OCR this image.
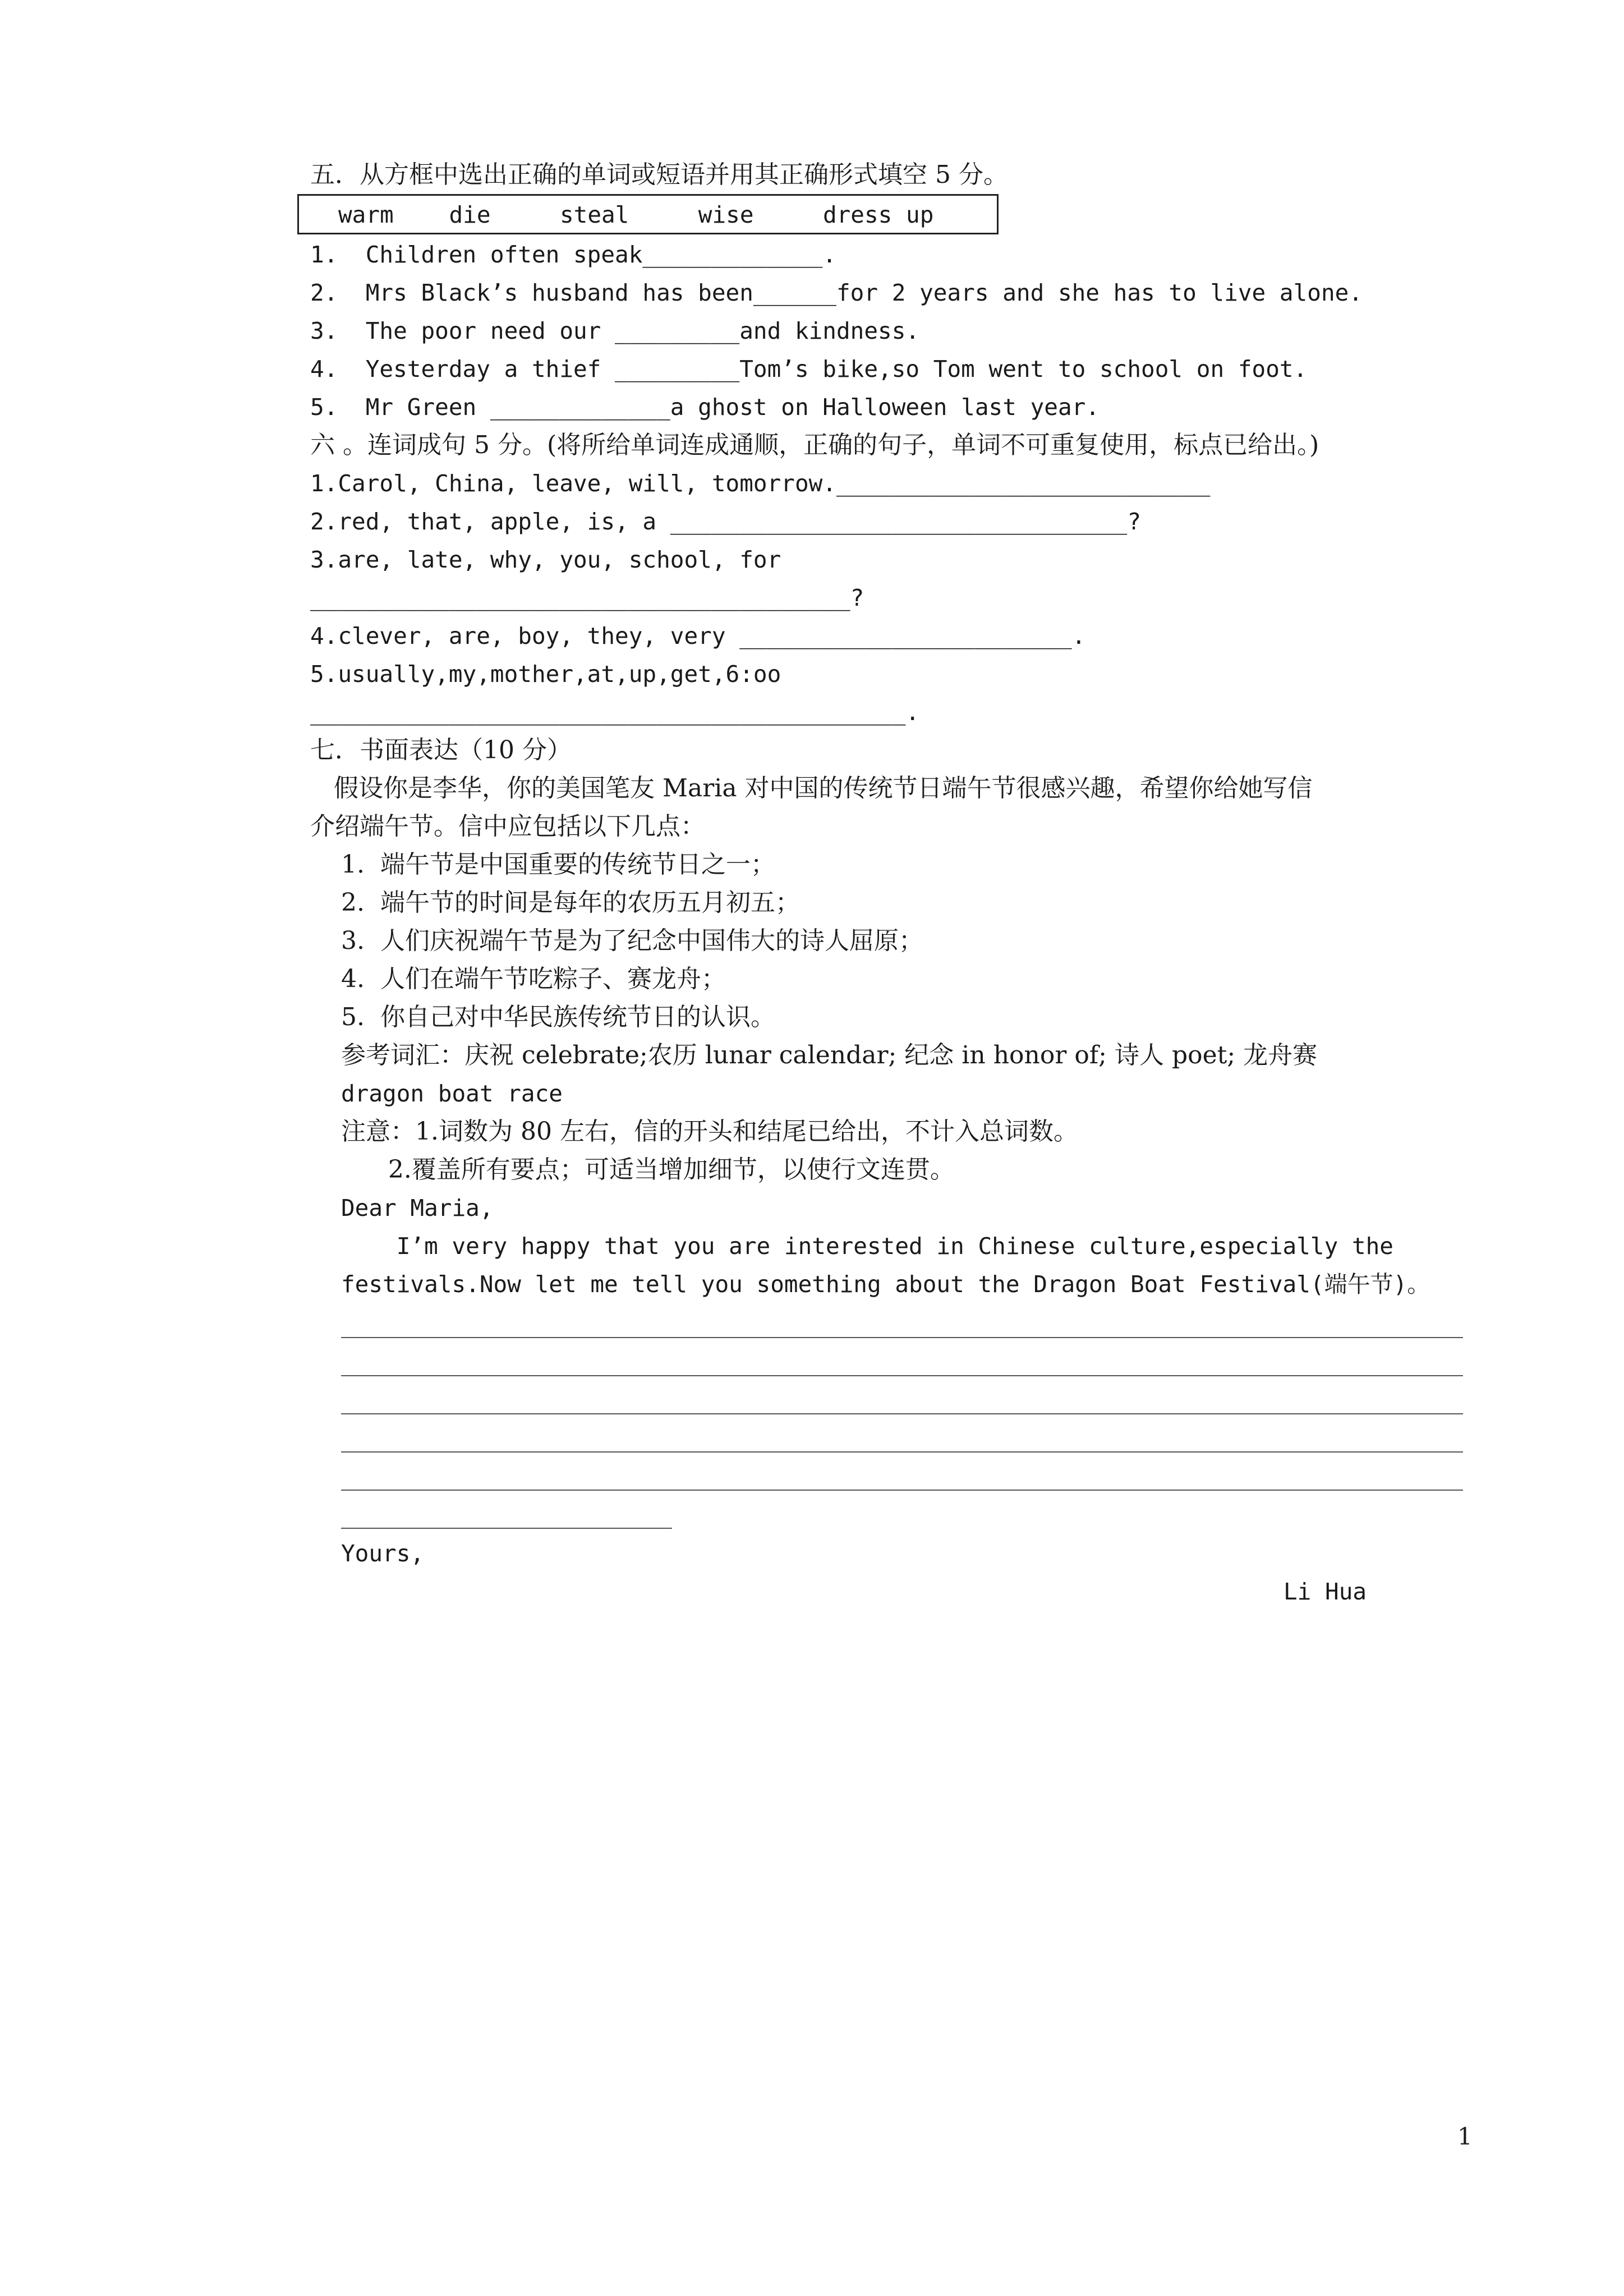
五．从方框中选出正确的单词或短语并用其正确形式填空 5 分。
warm    die     steal     wise     dress up
1.  Children often speak_____________.
2.  Mrs Black’s husband has been______for 2 years and she has to live alone.
3.  The poor need our _________and kindness.
4.  Yesterday a thief _________Tom’s bike,so Tom went to school on foot.
5.  Mr Green _____________a ghost on Halloween last year.
六 。连词成句 5 分。(将所给单词连成通顺，正确的句子，单词不可重复使用，标点已给出。)
1.Carol, China, leave, will, tomorrow.___________________________
2.red, that, apple, is, a _________________________________?
3.are, late, why, you, school, for
_______________________________________?
4.clever, are, boy, they, very ________________________.
5.usually,my,mother,at,up,get,6:oo
___________________________________________.
七．书面表达（10 分）
假设你是李华，你的美国笔友 Maria 对中国的传统节日端午节很感兴趣，希望你给她写信
介绍端午节。信中应包括以下几点：
1.  端午节是中国重要的传统节日之一；
2.  端午节的时间是每年的农历五月初五；
3.  人们庆祝端午节是为了纪念中国伟大的诗人屈原；
4.  人们在端午节吃粽子、赛龙舟；
5.  你自己对中华民族传统节日的认识。
参考词汇：庆祝 celebrate;农历 lunar calendar; 纪念 in honor of; 诗人 poet; 龙舟赛
dragon boat race
注意：1.词数为 80 左右，信的开头和结尾已给出，不计入总词数。
2.覆盖所有要点；可适当增加细节，以使行文连贯。
Dear Maria,
I’m very happy that you are interested in Chinese culture,especially the
festivals.Now let me tell you something about the Dragon Boat Festival(端午节)。
Yours,
Li Hua
1
